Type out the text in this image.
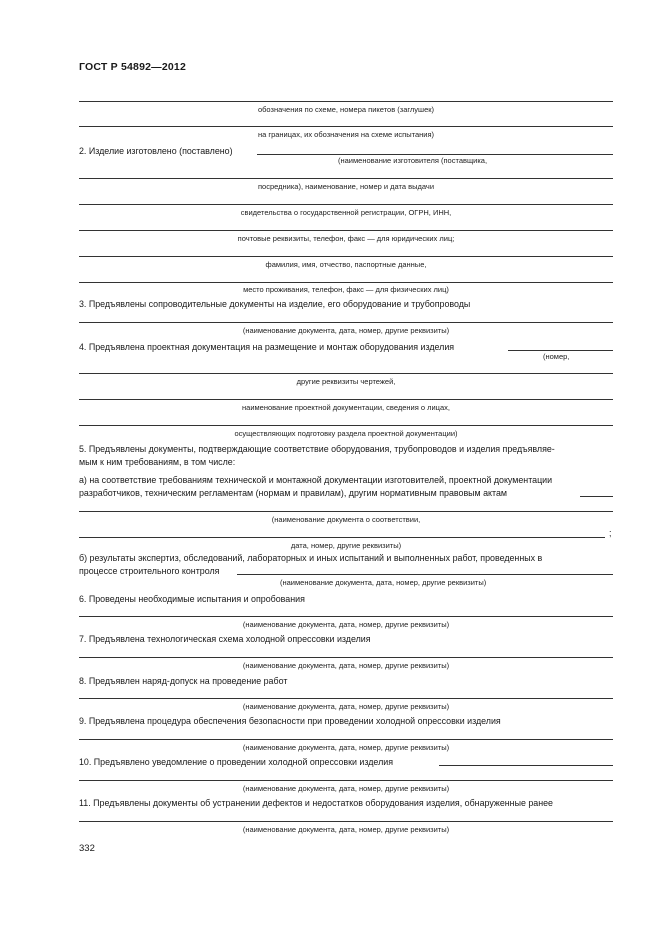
ГОСТ Р 54892—2012
обозначения по схеме, номера пикетов (заглушек)
на границах, их обозначения на схеме испытания)
2. Изделие изготовлено (поставлено)
(наименование изготовителя (поставщика,
посредника), наименование, номер и дата выдачи
свидетельства о государственной регистрации, ОГРН, ИНН,
почтовые реквизиты, телефон, факс — для юридических лиц;
фамилия, имя, отчество, паспортные данные,
место проживания, телефон, факс — для физических лиц)
3. Предъявлены сопроводительные документы на изделие, его оборудование и трубопроводы
(наименование документа, дата, номер, другие реквизиты)
4. Предъявлена проектная документация на размещение и монтаж оборудования изделия
(номер,
другие реквизиты чертежей,
наименование проектной документации, сведения о лицах,
осуществляющих подготовку раздела проектной документации)
5. Предъявлены документы, подтверждающие соответствие оборудования, трубопроводов и изделия предъявляе-
мым к ним требованиям, в том числе:
а) на соответствие требованиям технической и монтажной документации изготовителей, проектной документации
разработчиков, техническим регламентам (нормам и правилам), другим нормативным правовым актам
(наименование документа о соответствии,
;
дата, номер, другие реквизиты)
б) результаты экспертиз, обследований, лабораторных и иных испытаний и выполненных работ, проведенных в
процессе строительного контроля
(наименование документа, дата, номер, другие реквизиты)
6. Проведены необходимые испытания и опробования
(наименование документа, дата, номер, другие реквизиты)
7. Предъявлена технологическая схема холодной опрессовки изделия
(наименование документа, дата, номер, другие реквизиты)
8. Предъявлен наряд-допуск на проведение работ
(наименование документа, дата, номер, другие реквизиты)
9. Предъявлена процедура обеспечения безопасности при проведении холодной опрессовки изделия
(наименование документа, дата, номер, другие реквизиты)
10. Предъявлено уведомление о проведении холодной опрессовки изделия
(наименование документа, дата, номер, другие реквизиты)
11. Предъявлены документы об устранении дефектов и недостатков оборудования изделия, обнаруженные ранее
(наименование документа, дата, номер, другие реквизиты)
332
